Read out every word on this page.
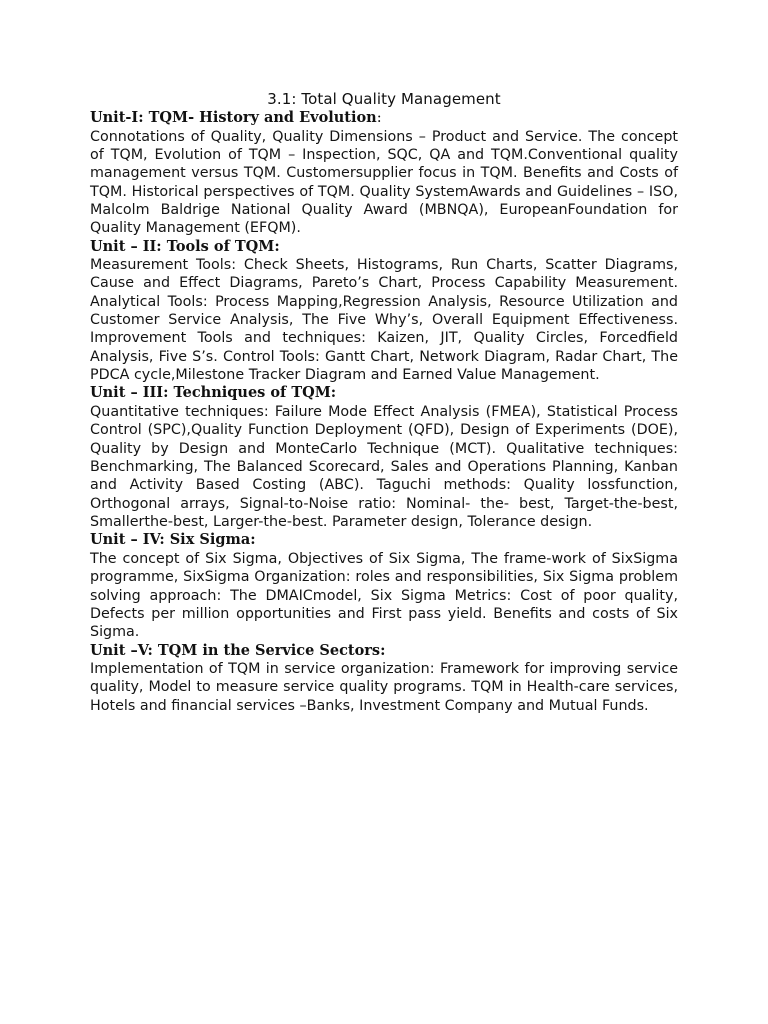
3.1: Total Quality Management
Unit-I: TQM- History and Evolution:

Connotations of Quality, Quality Dimensions – Product and Service. The concept of TQM, Evolution of TQM – Inspection, SQC, QA and TQM.Conventional quality management versus TQM. Customersupplier focus in TQM. Benefits and Costs of TQM. Historical perspectives of TQM. Quality SystemAwards and Guidelines – ISO, Malcolm Baldrige National Quality Award (MBNQA), EuropeanFoundation for Quality Management (EFQM).

Unit – II: Tools of TQM:

Measurement Tools: Check Sheets, Histograms, Run Charts, Scatter Diagrams, Cause and Effect Diagrams, Pareto’s Chart, Process Capability Measurement. Analytical Tools: Process Mapping,Regression Analysis, Resource Utilization and Customer Service Analysis, The Five Why’s, Overall Equipment Effectiveness. Improvement Tools and techniques: Kaizen, JIT, Quality Circles, Forcedfield Analysis, Five S’s. Control Tools: Gantt Chart, Network Diagram, Radar Chart, The PDCA cycle,Milestone Tracker Diagram and Earned Value Management.

Unit – III: Techniques of TQM:

Quantitative techniques: Failure Mode Effect Analysis (FMEA), Statistical Process Control (SPC),Quality Function Deployment (QFD), Design of Experiments (DOE), Quality by Design and MonteCarlo Technique (MCT). Qualitative techniques: Benchmarking, The Balanced Scorecard, Sales and Operations Planning, Kanban and Activity Based Costing (ABC). Taguchi methods: Quality lossfunction, Orthogonal arrays, Signal-to-Noise ratio: Nominal- the- best, Target-the-best, Smallerthe-best, Larger-the-best. Parameter design, Tolerance design.

Unit – IV: Six Sigma:

The concept of Six Sigma, Objectives of Six Sigma, The frame-work of SixSigma programme, SixSigma Organization: roles and responsibilities, Six Sigma problem solving approach: The DMAICmodel, Six Sigma Metrics: Cost of poor quality, Defects per million opportunities and First pass yield. Benefits and costs of Six Sigma.

Unit –V: TQM in the Service Sectors:

Implementation of TQM in service organization: Framework for improving service quality, Model to measure service quality programs. TQM in Health-care services, Hotels and financial services –Banks, Investment Company and Mutual Funds.
